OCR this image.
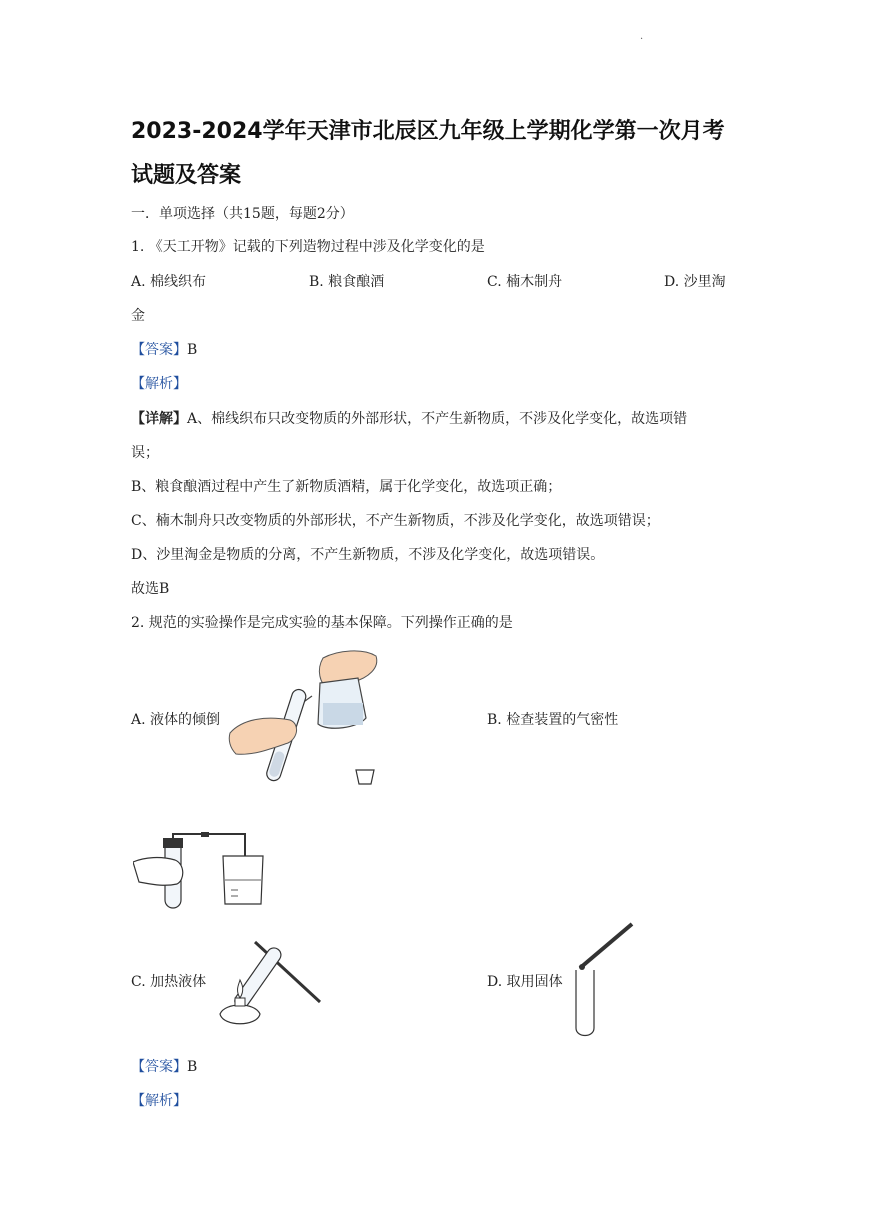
·
2023-2024学年天津市北辰区九年级上学期化学第一次月考
试题及答案
一．单项选择（共15题，每题2分）
1. 《天工开物》记载的下列造物过程中涉及化学变化的是
A. 棉线织布	B. 粮食酿酒	C. 楠木制舟	D. 沙里淘
金
【答案】B
【解析】
【详解】A、棉线织布只改变物质的外部形状，不产生新物质，不涉及化学变化，故选项错
误；
B、粮食酿酒过程中产生了新物质酒精，属于化学变化，故选项正确；
C、楠木制舟只改变物质的外部形状，不产生新物质，不涉及化学变化，故选项错误；
D、沙里淘金是物质的分离，不产生新物质，不涉及化学变化，故选项错误。
故选B
2. 规范的实验操作是完成实验的基本保障。下列操作正确的是
A. 液体的倾倒	B. 检查装置的气密性
C. 加热液体	D. 取用固体
【答案】B
【解析】
